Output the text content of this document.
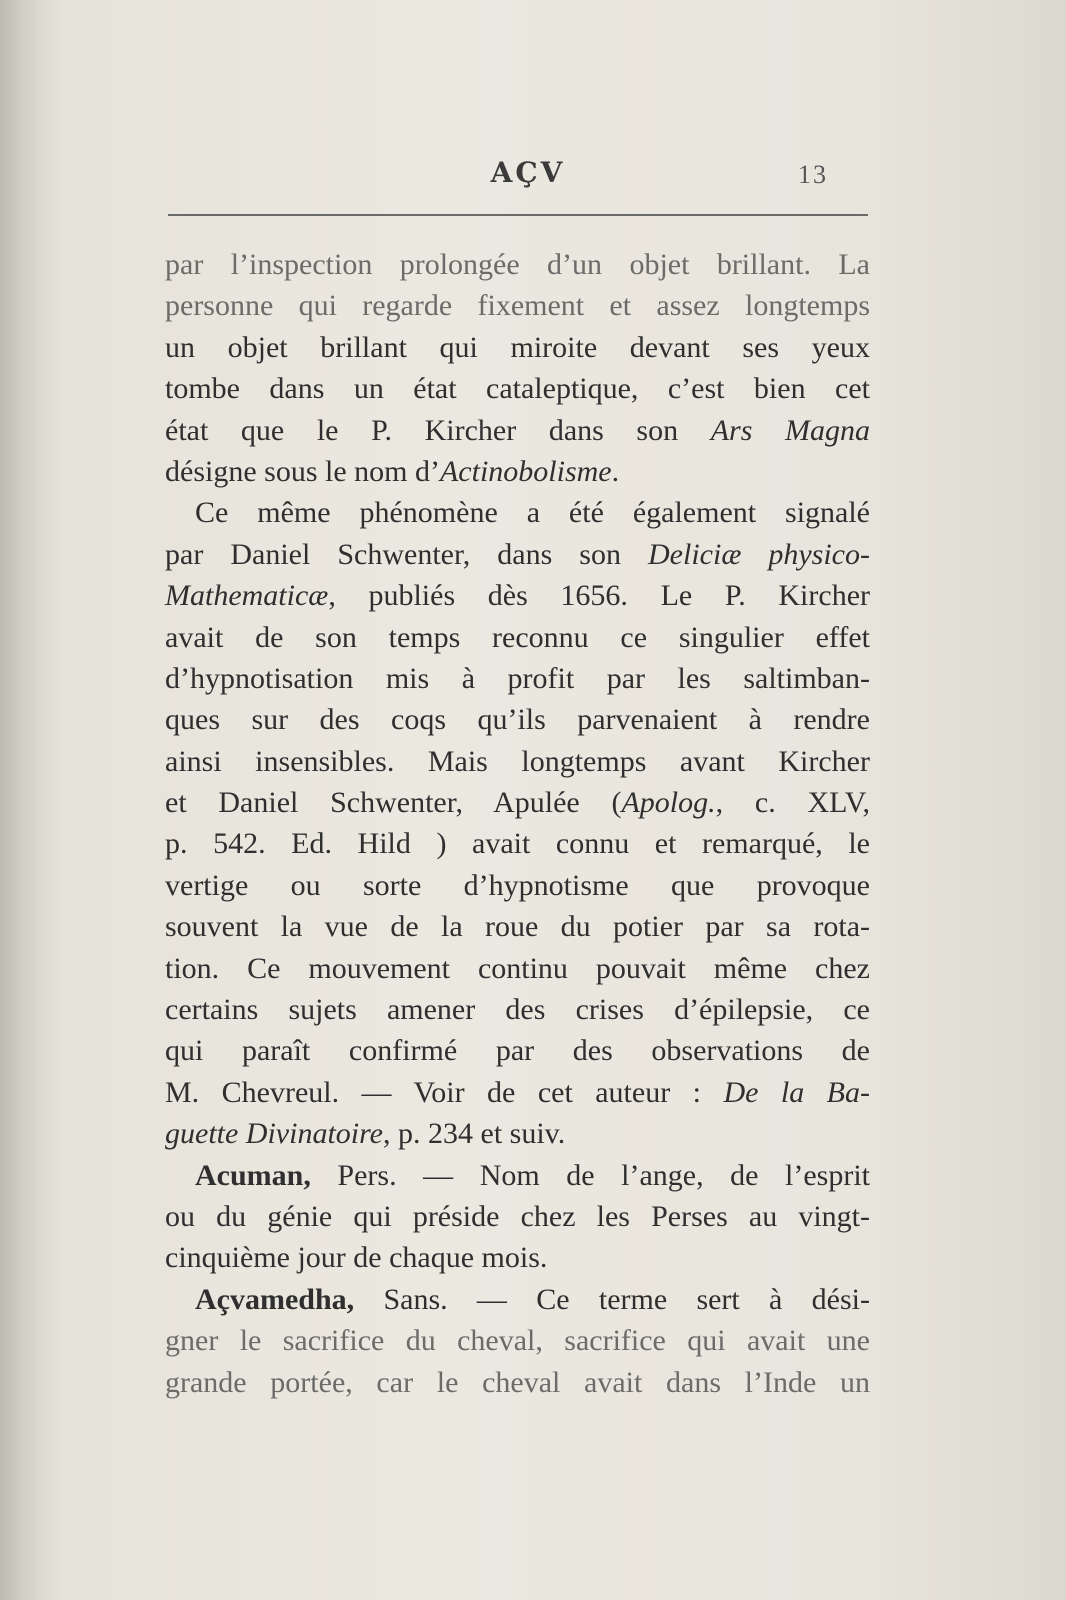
AÇV	13
par l’inspection prolongée d’un objet brillant. La
personne qui regarde fixement et assez longtemps
un objet brillant qui miroite devant ses yeux
tombe dans un état cataleptique, c’est bien cet
état que le P. Kircher dans son Ars Magna
désigne sous le nom d’Actinobolisme.
Ce même phénomène a été également signalé
par Daniel Schwenter, dans son Deliciæ physico-
Mathematicæ, publiés dès 1656. Le P. Kircher
avait de son temps reconnu ce singulier effet
d’hypnotisation mis à profit par les saltimban-
ques sur des coqs qu’ils parvenaient à rendre
ainsi insensibles. Mais longtemps avant Kircher
et Daniel Schwenter, Apulée (Apolog., c. XLV,
p. 542. Ed. Hild ) avait connu et remarqué, le
vertige ou sorte d’hypnotisme que provoque
souvent la vue de la roue du potier par sa rota-
tion. Ce mouvement continu pouvait même chez
certains sujets amener des crises d’épilepsie, ce
qui paraît confirmé par des observations de
M. Chevreul. — Voir de cet auteur : De la Ba-
guette Divinatoire, p. 234 et suiv.
Acuman, Pers. — Nom de l’ange, de l’esprit
ou du génie qui préside chez les Perses au vingt-
cinquième jour de chaque mois.
Açvamedha, Sans. — Ce terme sert à dési-
gner le sacrifice du cheval, sacrifice qui avait une
grande portée, car le cheval avait dans l’Inde un
